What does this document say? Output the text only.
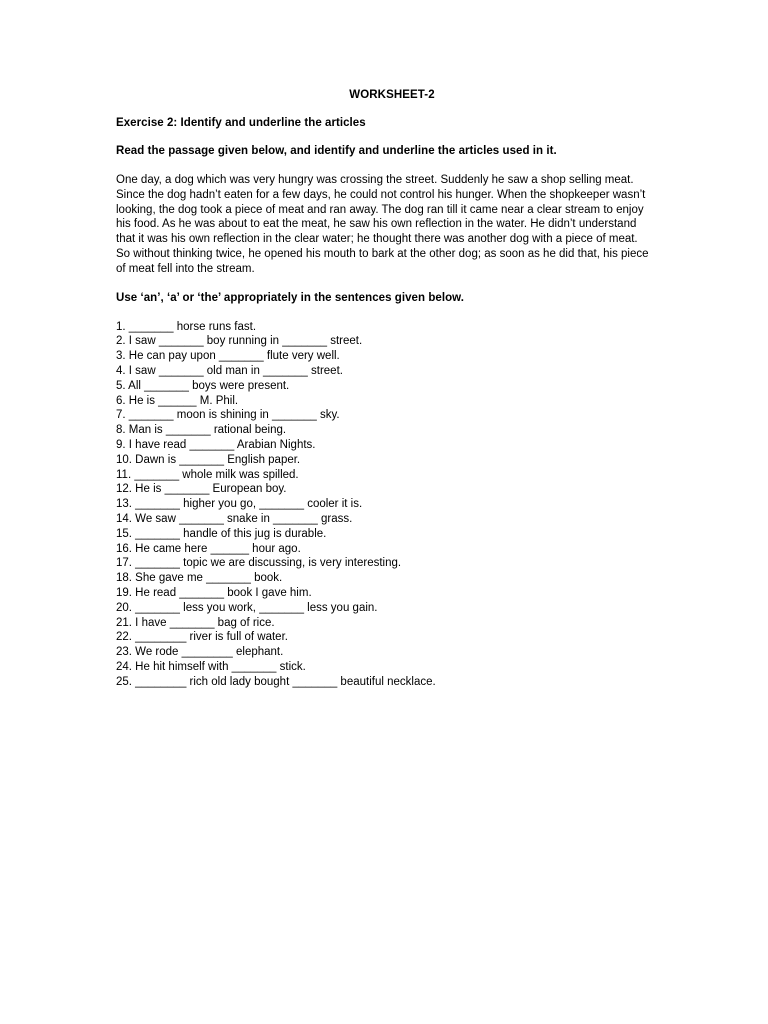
WORKSHEET-2
Exercise 2: Identify and underline the articles
Read the passage given below, and identify and underline the articles used in it.
One day, a dog which was very hungry was crossing the street. Suddenly he saw a shop selling meat. Since the dog hadn’t eaten for a few days, he could not control his hunger. When the shopkeeper wasn’t looking, the dog took a piece of meat and ran away. The dog ran till it came near a clear stream to enjoy his food. As he was about to eat the meat, he saw his own reflection in the water. He didn’t understand that it was his own reflection in the clear water; he thought there was another dog with a piece of meat. So without thinking twice, he opened his mouth to bark at the other dog; as soon as he did that, his piece of meat fell into the stream.
Use ‘an’, ‘a’ or ‘the’ appropriately in the sentences given below.
1. _______ horse runs fast.
2. I saw _______ boy running in _______ street.
3. He can pay upon _______ flute very well.
4. I saw _______ old man in _______ street.
5. All _______ boys were present.
6. He is ______ M. Phil.
7. _______ moon is shining in _______ sky.
8. Man is _______ rational being.
9. I have read _______ Arabian Nights.
10. Dawn is _______ English paper.
11. _______ whole milk was spilled.
12. He is _______ European boy.
13. _______ higher you go, _______ cooler it is.
14. We saw _______ snake in _______ grass.
15. _______ handle of this jug is durable.
16. He came here ______ hour ago.
17. _______ topic we are discussing, is very interesting.
18. She gave me _______ book.
19. He read _______ book I gave him.
20. _______ less you work, _______ less you gain.
21. I have _______ bag of rice.
22. ________ river is full of water.
23. We rode ________ elephant.
24. He hit himself with _______ stick.
25. ________ rich old lady bought _______ beautiful necklace.
